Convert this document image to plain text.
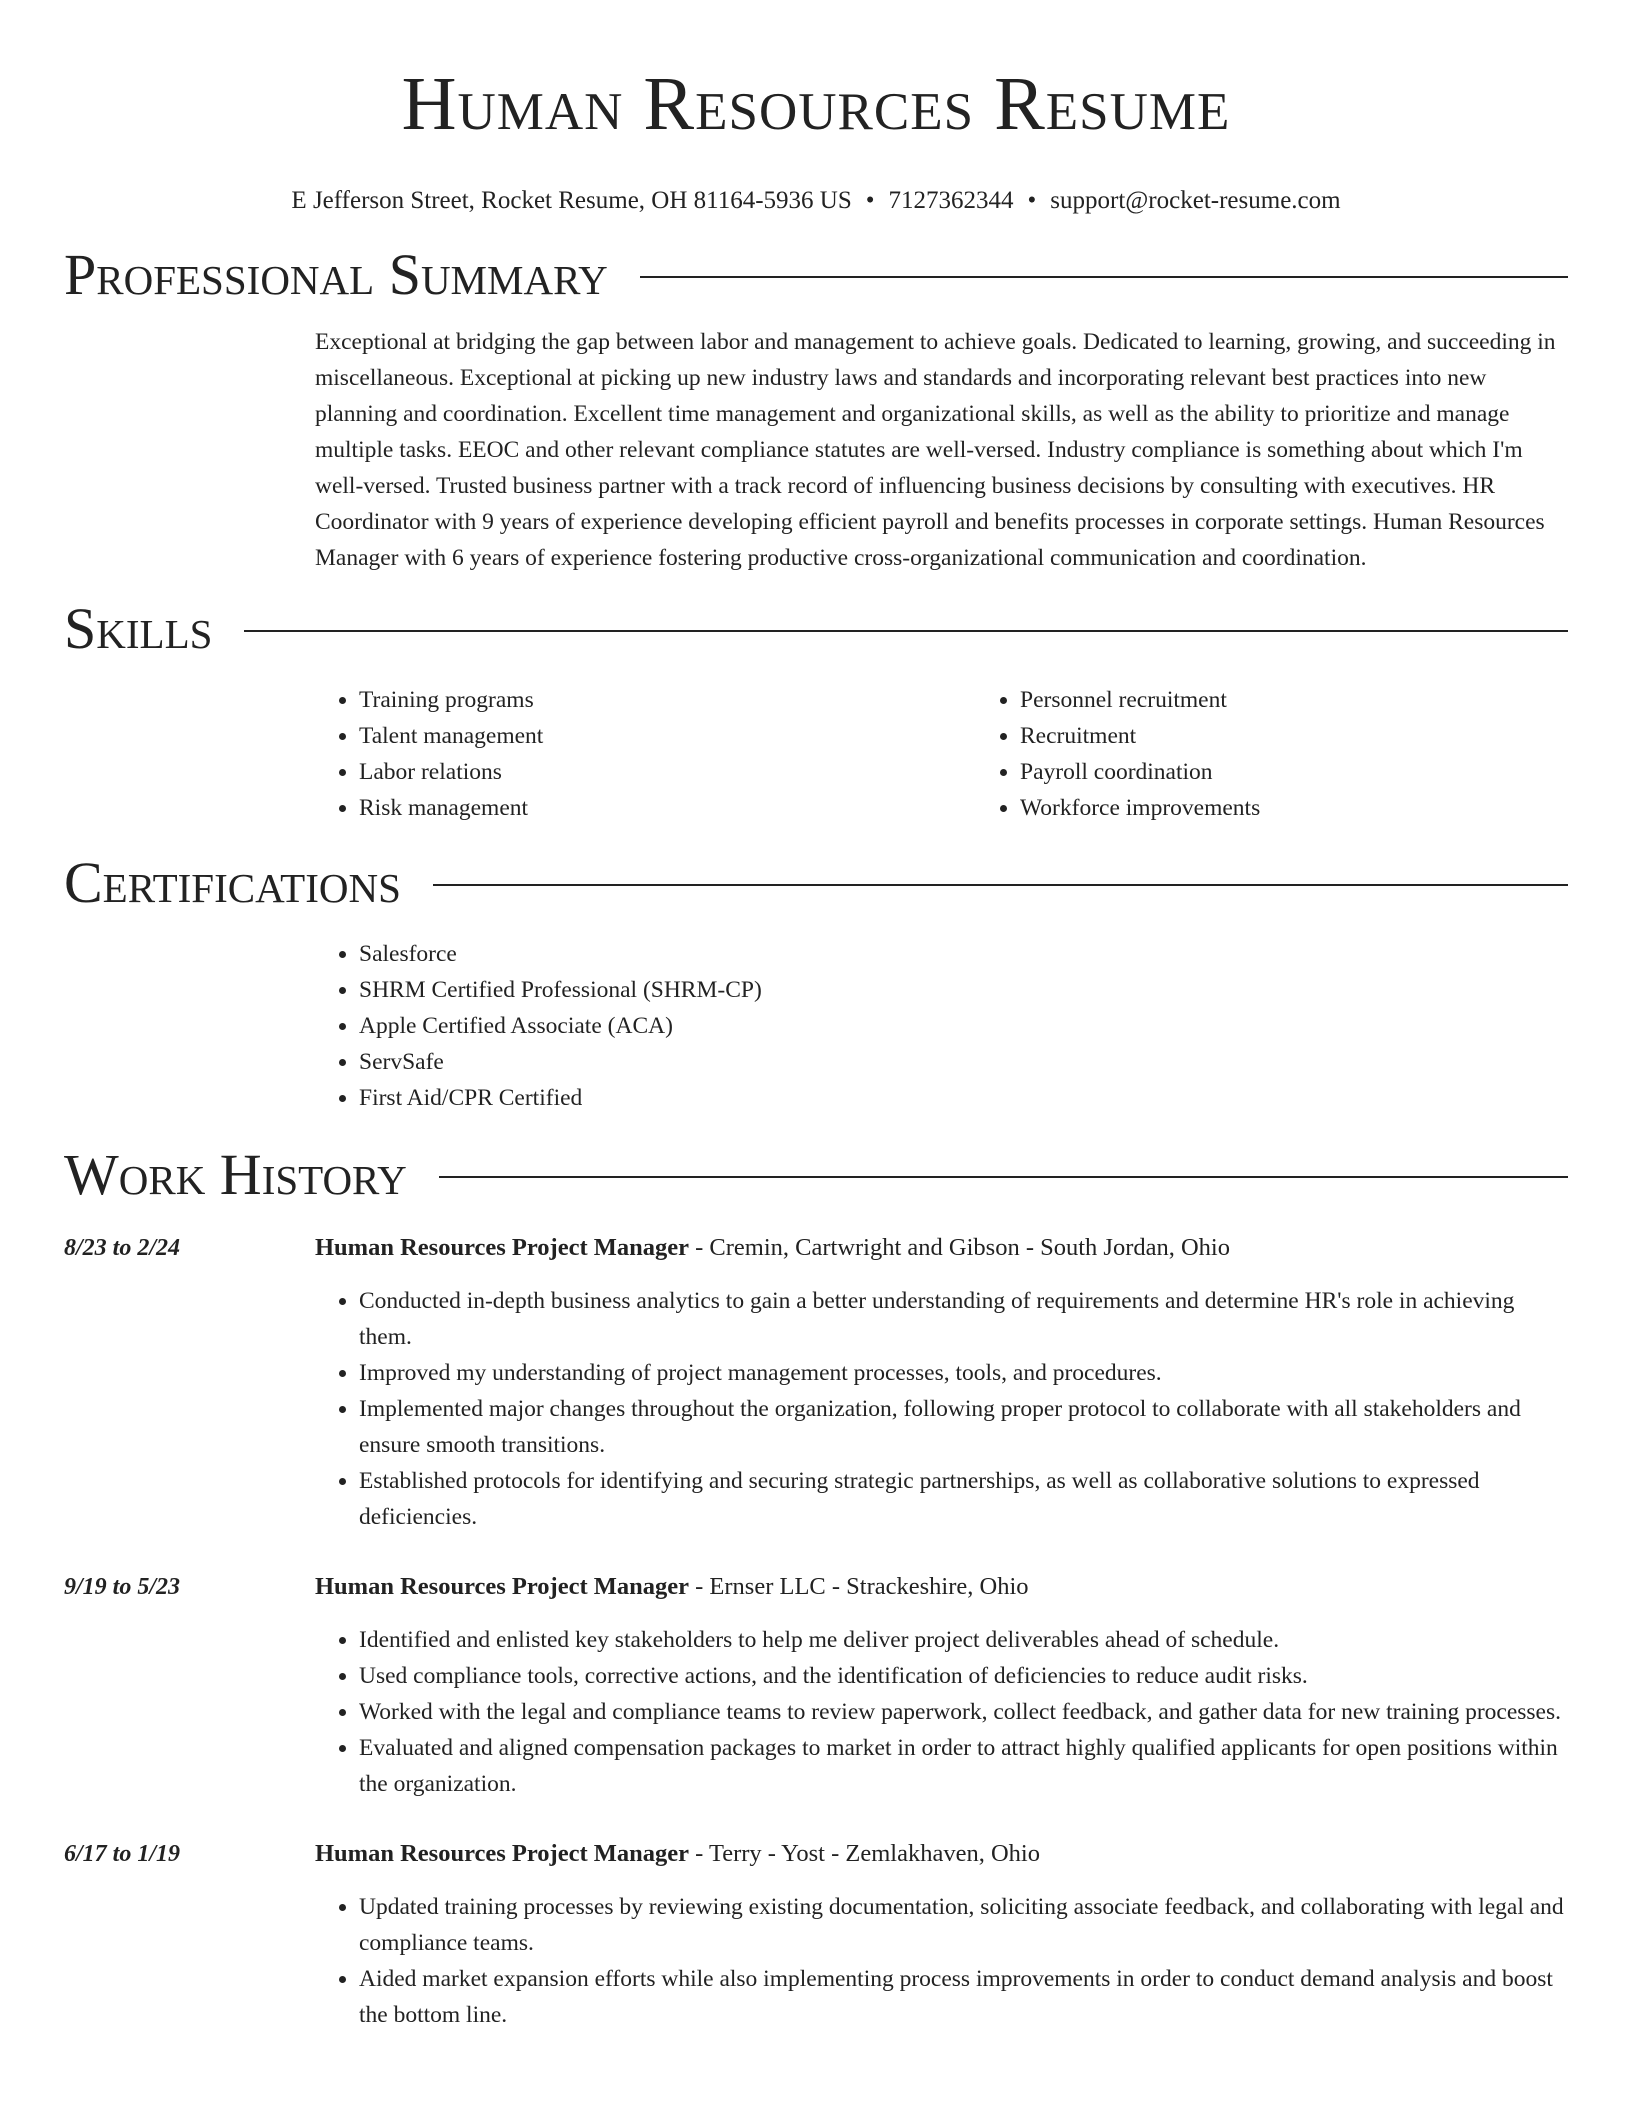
Human Resources Resume
E Jefferson Street, Rocket Resume, OH 81164-5936 US • 7127362344 • support@rocket-resume.com
Professional Summary

Exceptional at bridging the gap between labor and management to achieve goals. Dedicated to learning, growing, and succeeding in miscellaneous. Exceptional at picking up new industry laws and standards and incorporating relevant best practices into new planning and coordination. Excellent time management and organizational skills, as well as the ability to prioritize and manage multiple tasks. EEOC and other relevant compliance statutes are well-versed. Industry compliance is something about which I'm well-versed. Trusted business partner with a track record of influencing business decisions by consulting with executives. HR Coordinator with 9 years of experience developing efficient payroll and benefits processes in corporate settings. Human Resources Manager with 6 years of experience fostering productive cross-organizational communication and coordination.

Skills
• Training programs
• Talent management
• Labor relations
• Risk management
• Personnel recruitment
• Recruitment
• Payroll coordination
• Workforce improvements
Certifications
• Salesforce
• SHRM Certified Professional (SHRM-CP)
• Apple Certified Associate (ACA)
• ServSafe
• First Aid/CPR Certified
Work History
8/23 to 2/24	Human Resources Project Manager - Cremin, Cartwright and Gibson - South Jordan, Ohio
• Conducted in-depth business analytics to gain a better understanding of requirements and determine HR's role in achieving them.
• Improved my understanding of project management processes, tools, and procedures.
• Implemented major changes throughout the organization, following proper protocol to collaborate with all stakeholders and ensure smooth transitions.
• Established protocols for identifying and securing strategic partnerships, as well as collaborative solutions to expressed deficiencies.
9/19 to 5/23	Human Resources Project Manager - Ernser LLC - Strackeshire, Ohio
• Identified and enlisted key stakeholders to help me deliver project deliverables ahead of schedule.
• Used compliance tools, corrective actions, and the identification of deficiencies to reduce audit risks.
• Worked with the legal and compliance teams to review paperwork, collect feedback, and gather data for new training processes.
• Evaluated and aligned compensation packages to market in order to attract highly qualified applicants for open positions within the organization.
6/17 to 1/19	Human Resources Project Manager - Terry - Yost - Zemlakhaven, Ohio
• Updated training processes by reviewing existing documentation, soliciting associate feedback, and collaborating with legal and compliance teams.
• Aided market expansion efforts while also implementing process improvements in order to conduct demand analysis and boost the bottom line.
